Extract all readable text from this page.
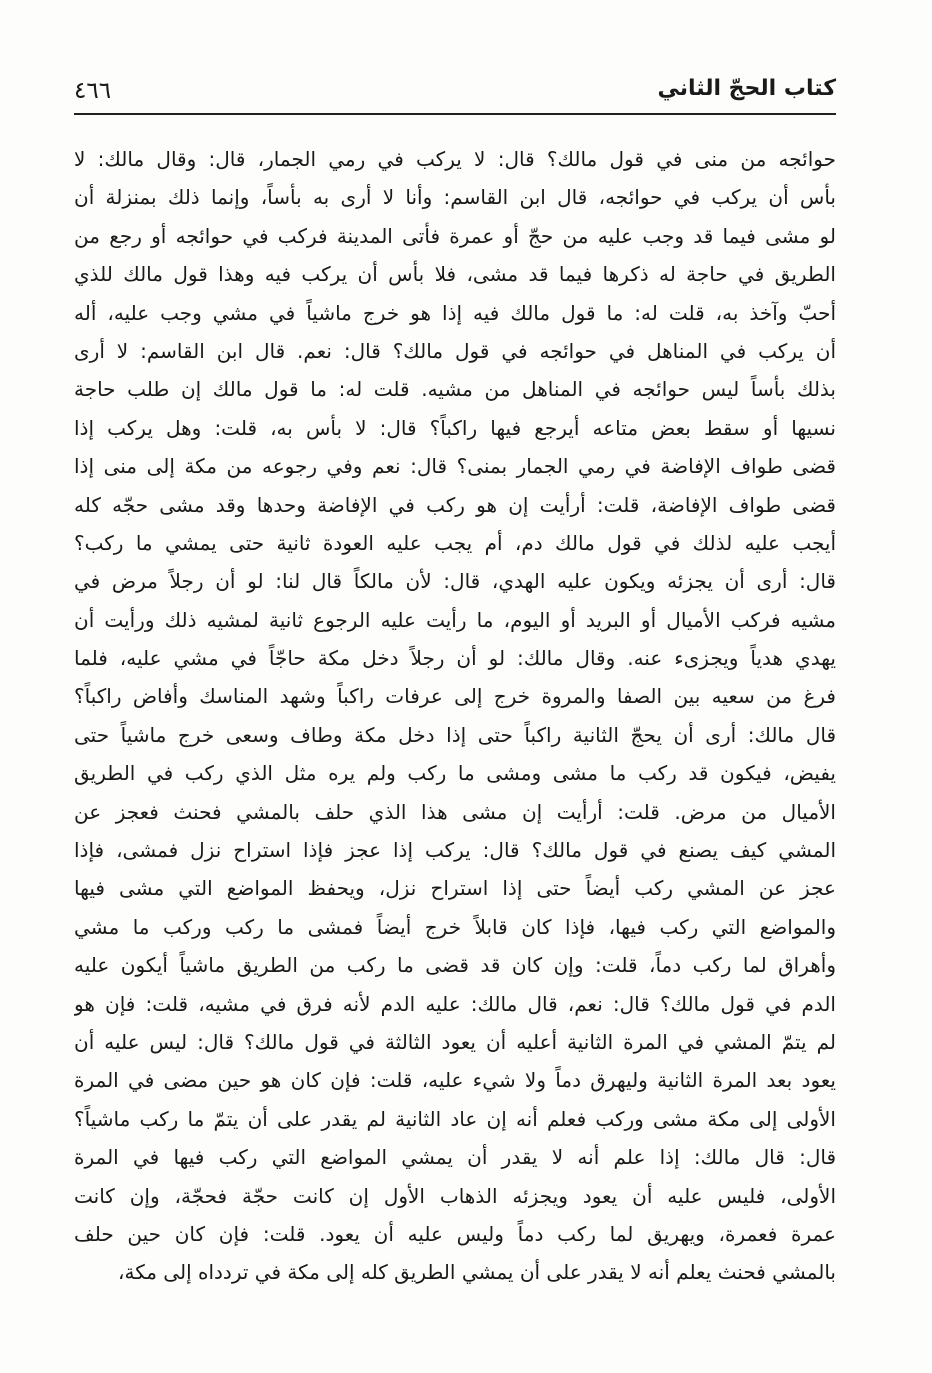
٤٦٦	كتاب الحجّ الثاني
حوائجه من منى في قول مالك؟ قال: لا يركب في رمي الجمار، قال: وقال مالك: لا
بأس أن يركب في حوائجه، قال ابن القاسم: وأنا لا أرى به بأساً، وإنما ذلك بمنزلة أن
لو مشى فيما قد وجب عليه من حجّ أو عمرة فأتى المدينة فركب في حوائجه أو رجع من
الطريق في حاجة له ذكرها فيما قد مشى، فلا بأس أن يركب فيه وهذا قول مالك للذي
أحبّ وآخذ به، قلت له: ما قول مالك فيه إذا هو خرج ماشياً في مشي وجب عليه، أله
أن يركب في المناهل في حوائجه في قول مالك؟ قال: نعم. قال ابن القاسم: لا أرى
بذلك بأساً ليس حوائجه في المناهل من مشيه. قلت له: ما قول مالك إن طلب حاجة
نسيها أو سقط بعض متاعه أيرجع فيها راكباً؟ قال: لا بأس به، قلت: وهل يركب إذا
قضى طواف الإفاضة في رمي الجمار بمنى؟ قال: نعم وفي رجوعه من مكة إلى منى إذا
قضى طواف الإفاضة، قلت: أرأيت إن هو ركب في الإفاضة وحدها وقد مشى حجّه كله
أيجب عليه لذلك في قول مالك دم، أم يجب عليه العودة ثانية حتى يمشي ما ركب؟
قال: أرى أن يجزئه ويكون عليه الهدي، قال: لأن مالكاً قال لنا: لو أن رجلاً مرض في
مشيه فركب الأميال أو البريد أو اليوم، ما رأيت عليه الرجوع ثانية لمشيه ذلك ورأيت أن
يهدي هدياً ويجزىء عنه. وقال مالك: لو أن رجلاً دخل مكة حاجّاً في مشي عليه، فلما
فرغ من سعيه بين الصفا والمروة خرج إلى عرفات راكباً وشهد المناسك وأفاض راكباً؟
قال مالك: أرى أن يحجّ الثانية راكباً حتى إذا دخل مكة وطاف وسعى خرج ماشياً حتى
يفيض، فيكون قد ركب ما مشى ومشى ما ركب ولم يره مثل الذي ركب في الطريق
الأميال من مرض. قلت: أرأيت إن مشى هذا الذي حلف بالمشي فحنث فعجز عن
المشي كيف يصنع في قول مالك؟ قال: يركب إذا عجز فإذا استراح نزل فمشى، فإذا
عجز عن المشي ركب أيضاً حتى إذا استراح نزل، ويحفظ المواضع التي مشى فيها
والمواضع التي ركب فيها، فإذا كان قابلاً خرج أيضاً فمشى ما ركب وركب ما مشي
وأهراق لما ركب دماً، قلت: وإن كان قد قضى ما ركب من الطريق ماشياً أيكون عليه
الدم في قول مالك؟ قال: نعم، قال مالك: عليه الدم لأنه فرق في مشيه، قلت: فإن هو
لم يتمّ المشي في المرة الثانية أعليه أن يعود الثالثة في قول مالك؟ قال: ليس عليه أن
يعود بعد المرة الثانية وليهرق دماً ولا شيء عليه، قلت: فإن كان هو حين مضى في المرة
الأولى إلى مكة مشى وركب فعلم أنه إن عاد الثانية لم يقدر على أن يتمّ ما ركب ماشياً؟
قال: قال مالك: إذا علم أنه لا يقدر أن يمشي المواضع التي ركب فيها في المرة
الأولى، فليس عليه أن يعود ويجزئه الذهاب الأول إن كانت حجّة فحجّة، وإن كانت
عمرة فعمرة، ويهريق لما ركب دماً وليس عليه أن يعود. قلت: فإن كان حين حلف
بالمشي فحنث يعلم أنه لا يقدر على أن يمشي الطريق كله إلى مكة في تردداه إلى مكة،
